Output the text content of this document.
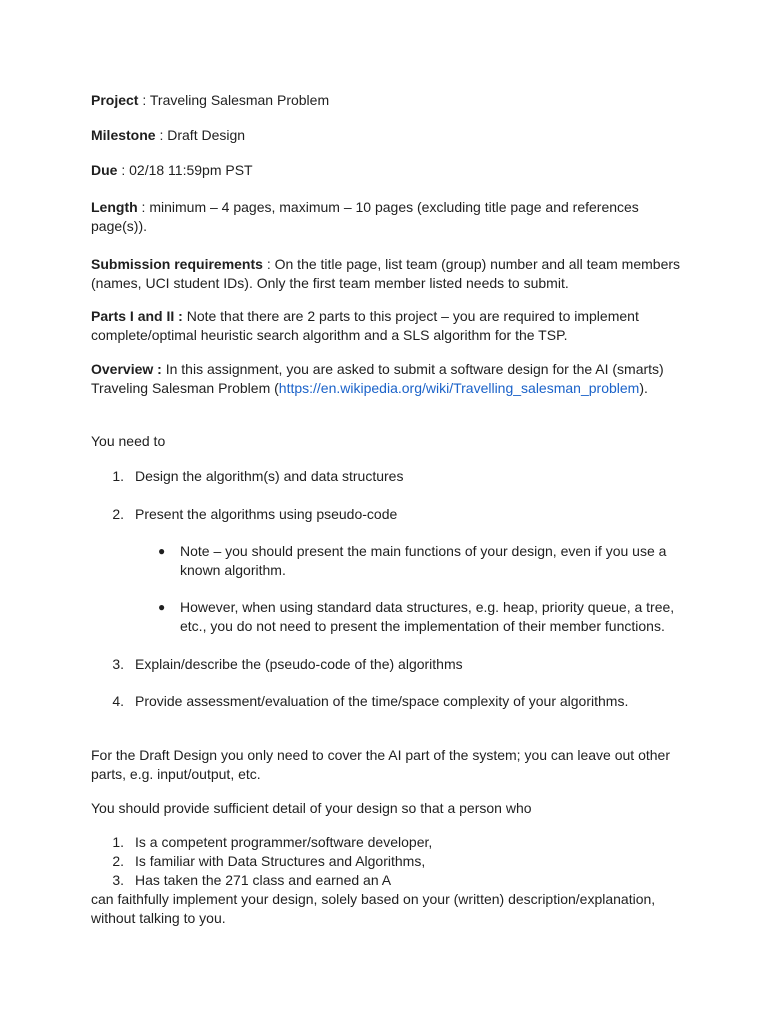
Project : Traveling Salesman Problem
Milestone : Draft Design
Due : 02/18 11:59pm PST
Length : minimum – 4 pages, maximum – 10 pages (excluding title page and references
page(s)).
Submission requirements : On the title page, list team (group) number and all team members
(names, UCI student IDs). Only the first team member listed needs to submit.
Parts I and II : Note that there are 2 parts to this project – you are required to implement
complete/optimal heuristic search algorithm and a SLS algorithm for the TSP.
Overview : In this assignment, you are asked to submit a software design for the AI (smarts)
Traveling Salesman Problem (https://en.wikipedia.org/wiki/Travelling_salesman_problem).
You need to
1. Design the algorithm(s) and data structures
2. Present the algorithms using pseudo-code
● Note – you should present the main functions of your design, even if you use a
known algorithm.
● However, when using standard data structures, e.g. heap, priority queue, a tree,
etc., you do not need to present the implementation of their member functions.
3. Explain/describe the (pseudo-code of the) algorithms
4. Provide assessment/evaluation of the time/space complexity of your algorithms.
For the Draft Design you only need to cover the AI part of the system; you can leave out other
parts, e.g. input/output, etc.
You should provide sufficient detail of your design so that a person who
1. Is a competent programmer/software developer,
2. Is familiar with Data Structures and Algorithms,
3. Has taken the 271 class and earned an A
can faithfully implement your design, solely based on your (written) description/explanation,
without talking to you.
